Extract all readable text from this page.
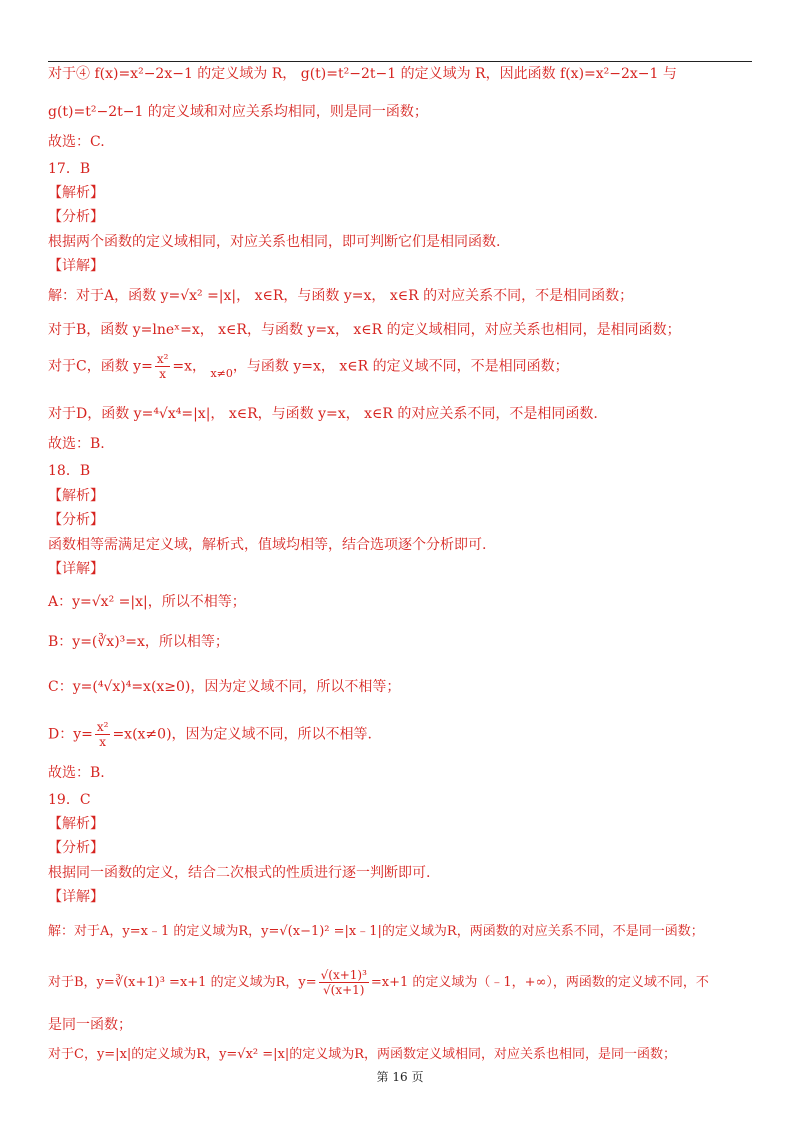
对于④ f(x)=x²−2x−1 的定义域为 R， g(t)=t²−2t−1 的定义域为 R，因此函数 f(x)=x²−2x−1 与
g(t)=t²−2t−1 的定义域和对应关系均相同，则是同一函数；
故选：C.
17．B
【解析】
【分析】
根据两个函数的定义域相同，对应关系也相同，即可判断它们是相同函数.
【详解】
解：对于A，函数 y=√x² =|x|， x∈R，与函数 y=x， x∈R 的对应关系不同，不是相同函数；
对于B，函数 y=lneˣ=x， x∈R，与函数 y=x， x∈R 的定义域相同，对应关系也相同，是相同函数；
对于C，函数 $y= \frac{\text{x²}}{x} =x$， $_{x\ne 0}$，与函数 y=x， x∈R 的定义域不同，不是相同函数；
对于D，函数 y=⁴√x⁴=|x|， x∈R，与函数 y=x， x∈R 的对应关系不同，不是相同函数.
故选：B.
18．B
【解析】
【分析】
函数相等需满足定义域，解析式，值域均相等，结合选项逐个分析即可.
【详解】
A：y=√x² =|x|，所以不相等；
B：y=(∛x)³=x，所以相等；
C：y=(⁴√x)⁴=x(x≥0)，因为定义域不同，所以不相等；
D：$y= \frac{\text{x²}}{x} =x(x\ne 0)$，因为定义域不同，所以不相等.
故选：B.
19．C
【解析】
【分析】
根据同一函数的定义，结合二次根式的性质进行逐一判断即可.
【详解】
解：对于A，y=x﹣1 的定义域为R，y=√(x−1)² =|x﹣1|的定义域为R，两函数的对应关系不同，不是同一函数；
对于B，y=∛(x+1)³ =x+1 的定义域为R，$y= \frac{\text{√(x+1)³}}{√(x+1)} =x+1$ 的定义域为（﹣1，+∞），两函数的定义域不同，不
是同一函数；
对于C，y=|x|的定义域为R，y=√x² =|x|的定义域为R，两函数定义域相同，对应关系也相同，是同一函数；
第 16 页
